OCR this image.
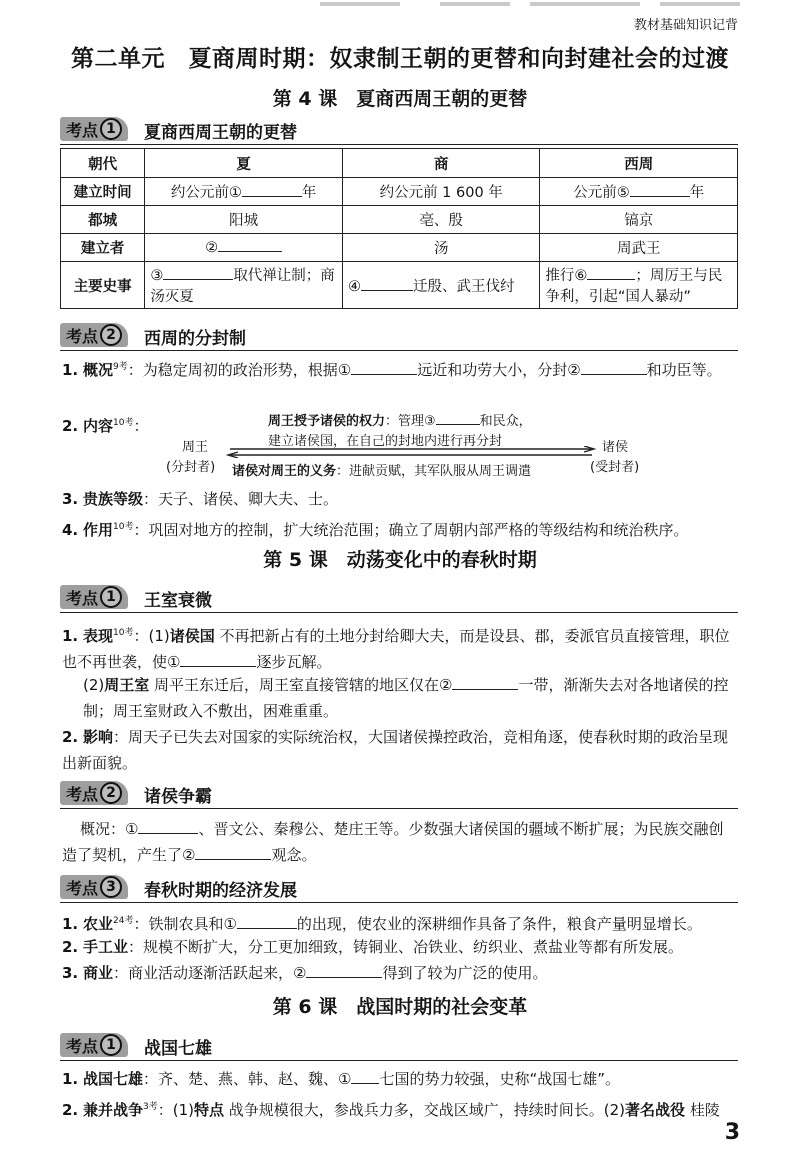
教材基础知识记背
第二单元　夏商周时期：奴隶制王朝的更替和向封建社会的过渡
第 4 课　夏商西周王朝的更替
考点 1	夏商西周王朝的更替
朝代	夏	商	西周
建立时间	约公元前① 年	约公元前 1 600 年	公元前⑤ 年
都城	阳城	亳、殷	镐京
建立者	②	汤	周武王
主要史事	③ 取代禅让制；商汤灭夏	④ 迁殷、武王伐纣	推行⑥ ；周厉王与民争利，引起“国人暴动”
考点 2	西周的分封制
1. 概况$^{9考}$：为稳定周初的政治形势，根据①	远近和功劳大小，分封②	和功臣等。
2. 内容$^{10考}$：	周王授予诸侯的权力：管理③	和民众，
建立诸侯国，在自己的封地内进行再分封
周王
(分封者)
诸侯
(受封者)
诸侯对周王的义务：进献贡赋，其军队服从周王调遣
3. 贵族等级：天子、诸侯、卿大夫、士。
4. 作用$^{10考}$：巩固对地方的控制，扩大统治范围；确立了周朝内部严格的等级结构和统治秩序。
第 5 课　动荡变化中的春秋时期
考点 1	王室衰微
1. 表现$^{10考}$：(1)诸侯国 不再把新占有的土地分封给卿大夫，而是设县、郡，委派官员直接管理，职位也不再世袭，使①	逐步瓦解。
(2)周王室 周平王东迁后，周王室直接管辖的地区仅在②	一带，渐渐失去对各地诸侯的控制；周王室财政入不敷出，困难重重。
2. 影响：周天子已失去对国家的实际统治权，大国诸侯操控政治，竞相角逐，使春秋时期的政治呈现出新面貌。
考点 2	诸侯争霸
概况：①	、晋文公、秦穆公、楚庄王等。少数强大诸侯国的疆域不断扩展；为民族交融创造了契机，产生了②	观念。
考点 3	春秋时期的经济发展
1. 农业$^{24考}$：铁制农具和①	的出现，使农业的深耕细作具备了条件，粮食产量明显增长。
2. 手工业：规模不断扩大，分工更加细致，铸铜业、冶铁业、纺织业、煮盐业等都有所发展。
3. 商业：商业活动逐渐活跃起来，②	得到了较为广泛的使用。
第 6 课　战国时期的社会变革
考点 1	战国七雄
1. 战国七雄：齐、楚、燕、韩、赵、魏、① 七国的势力较强，史称“战国七雄”。
2. 兼并战争$^{3考}$：(1)特点 战争规模很大，参战兵力多，交战区域广，持续时间长。(2)著名战役 桂陵
3
